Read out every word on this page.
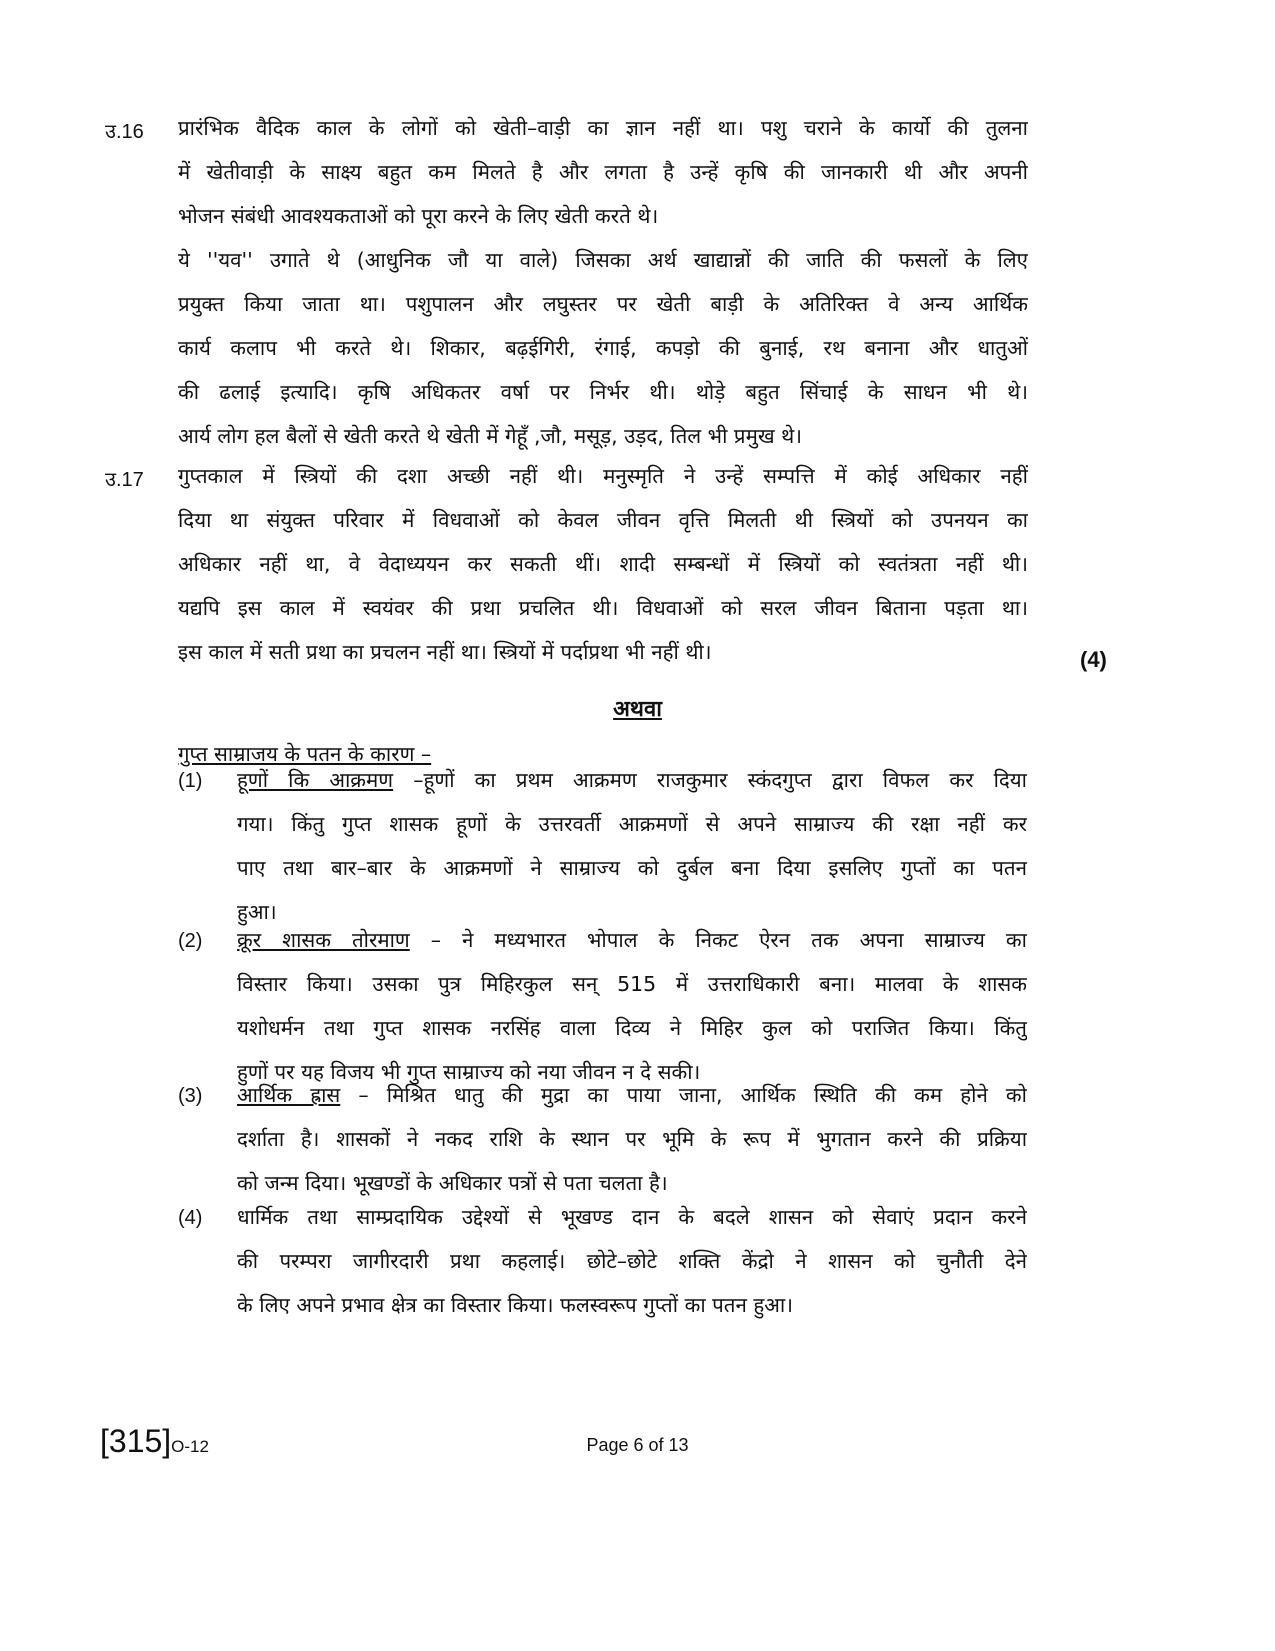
उ.16 प्रारंभिक वैदिक काल के लोगों को खेती–वाड़ी का ज्ञान नहीं था। पशु चराने के कार्यो की तुलना
में खेतीवाड़ी के साक्ष्य बहुत कम मिलते है और लगता है उन्हें कृषि की जानकारी थी और अपनी
भोजन संबंधी आवश्यकताओं को पूरा करने के लिए खेती करते थे।
ये ''यव'' उगाते थे (आधुनिक जौ या वाले) जिसका अर्थ खाद्यान्नों की जाति की फसलों के लिए
प्रयुक्त किया जाता था। पशुपालन और लघुस्तर पर खेती बाड़ी के अतिरिक्त वे अन्य आर्थिक
कार्य कलाप भी करते थे। शिकार, बढ़ईगिरी, रंगाई, कपड़ो की बुनाई, रथ बनाना और धातुओं
की ढलाई इत्यादि। कृषि अधिकतर वर्षा पर निर्भर थी। थोड़े बहुत सिंचाई के साधन भी थे।
आर्य लोग हल बैलों से खेती करते थे खेती में गेहूँ ,जौ, मसूड़, उड़द, तिल भी प्रमुख थे।
उ.17 गुप्तकाल में स्त्रियों की दशा अच्छी नहीं थी। मनुस्मृति ने उन्हें सम्पत्ति में कोई अधिकार नहीं
दिया था संयुक्त परिवार में विधवाओं को केवल जीवन वृत्ति मिलती थी स्त्रियों को उपनयन का
अधिकार नहीं था, वे वेदाध्ययन कर सकती थीं। शादी सम्बन्धों में स्त्रियों को स्वतंत्रता नहीं थी।
यद्यपि इस काल में स्वयंवर की प्रथा प्रचलित थी। विधवाओं को सरल जीवन बिताना पड़ता था।
इस काल में सती प्रथा का प्रचलन नहीं था। स्त्रियों में पर्दाप्रथा भी नहीं थी।	(4)
अथवा
गुप्त साम्राजय के पतन के कारण –
(1) हूणों कि आक्रमण –हूणों का प्रथम आक्रमण राजकुमार स्कंदगुप्त द्वारा विफल कर दिया
गया। किंतु गुप्त शासक हूणों के उत्तरवर्ती आक्रमणों से अपने साम्राज्य की रक्षा नहीं कर
पाए तथा बार–बार के आक्रमणों ने साम्राज्य को दुर्बल बना दिया इसलिए गुप्तों का पतन
हुआ।
(2) क्रूर शासक तोरमाण – ने मध्यभारत भोपाल के निकट ऐरन तक अपना साम्राज्य का
विस्तार किया। उसका पुत्र मिहिरकुल सन् 515 में उत्तराधिकारी बना। मालवा के शासक
यशोधर्मन तथा गुप्त शासक नरसिंह वाला दिव्य ने मिहिर कुल को पराजित किया। किंतु
हुणों पर यह विजय भी गुप्त साम्राज्य को नया जीवन न दे सकी।
(3) आर्थिक ह्रास – मिश्रित धातु की मुद्रा का पाया जाना, आर्थिक स्थिति की कम होने को
दर्शाता है। शासकों ने नकद राशि के स्थान पर भूमि के रूप में भुगतान करने की प्रक्रिया
को जन्म दिया। भूखण्डों के अधिकार पत्रों से पता चलता है।
(4) धार्मिक तथा साम्प्रदायिक उद्देश्यों से भूखण्ड दान के बदले शासन को सेवाएं प्रदान करने
की परम्परा जागीरदारी प्रथा कहलाई। छोटे–छोटे शक्ति केंद्रो ने शासन को चुनौती देने
के लिए अपने प्रभाव क्षेत्र का विस्तार किया। फलस्वरूप गुप्तों का पतन हुआ।
[315]O-12	Page 6 of 13
